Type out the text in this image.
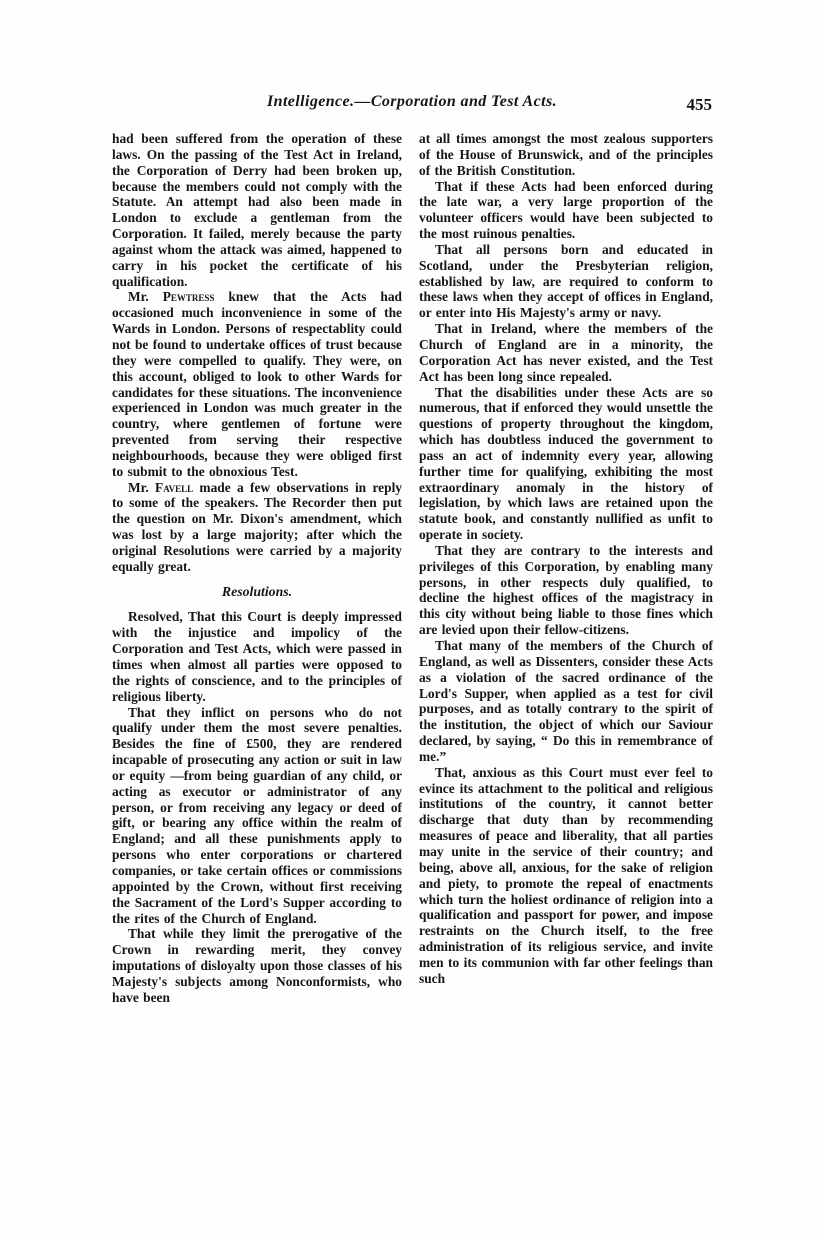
Intelligence.—Corporation and Test Acts.	455

had been suffered from the operation of these laws. On the passing of the Test Act in Ireland, the Corporation of Derry had been broken up, because the members could not comply with the Statute. An attempt had also been made in London to exclude a gentleman from the Corporation. It failed, merely because the party against whom the attack was aimed, happened to carry in his pocket the certificate of his qualification.

Mr. Pewtress knew that the Acts had occasioned much inconvenience in some of the Wards in London. Persons of respectablity could not be found to undertake offices of trust because they were compelled to qualify. They were, on this account, obliged to look to other Wards for candidates for these situations. The inconvenience experienced in London was much greater in the country, where gentlemen of fortune were prevented from serving their respective neighbourhoods, because they were obliged first to submit to the obnoxious Test.

Mr. Favell made a few observations in reply to some of the speakers. The Recorder then put the question on Mr. Dixon's amendment, which was lost by a large majority; after which the original Resolutions were carried by a majority equally great.

Resolutions.

Resolved, That this Court is deeply impressed with the injustice and impolicy of the Corporation and Test Acts, which were passed in times when almost all parties were opposed to the rights of conscience, and to the principles of religious liberty.

That they inflict on persons who do not qualify under them the most severe penalties. Besides the fine of £500, they are rendered incapable of prosecuting any action or suit in law or equity —from being guardian of any child, or acting as executor or administrator of any person, or from receiving any legacy or deed of gift, or bearing any office within the realm of England; and all these punishments apply to persons who enter corporations or chartered companies, or take certain offices or commissions appointed by the Crown, without first receiving the Sacrament of the Lord's Supper according to the rites of the Church of England.

That while they limit the prerogative of the Crown in rewarding merit, they convey imputations of disloyalty upon those classes of his Majesty's subjects among Nonconformists, who have been

at all times amongst the most zealous supporters of the House of Brunswick, and of the principles of the British Constitution.

That if these Acts had been enforced during the late war, a very large proportion of the volunteer officers would have been subjected to the most ruinous penalties.

That all persons born and educated in Scotland, under the Presbyterian religion, established by law, are required to conform to these laws when they accept of offices in England, or enter into His Majesty's army or navy.

That in Ireland, where the members of the Church of England are in a minority, the Corporation Act has never existed, and the Test Act has been long since repealed.

That the disabilities under these Acts are so numerous, that if enforced they would unsettle the questions of property throughout the kingdom, which has doubtless induced the government to pass an act of indemnity every year, allowing further time for qualifying, exhibiting the most extraordinary anomaly in the history of legislation, by which laws are retained upon the statute book, and constantly nullified as unfit to operate in society.

That they are contrary to the interests and privileges of this Corporation, by enabling many persons, in other respects duly qualified, to decline the highest offices of the magistracy in this city without being liable to those fines which are levied upon their fellow-citizens.

That many of the members of the Church of England, as well as Dissenters, consider these Acts as a violation of the sacred ordinance of the Lord's Supper, when applied as a test for civil purposes, and as totally contrary to the spirit of the institution, the object of which our Saviour declared, by saying, “ Do this in remembrance of me.”

That, anxious as this Court must ever feel to evince its attachment to the political and religious institutions of the country, it cannot better discharge that duty than by recommending measures of peace and liberality, that all parties may unite in the service of their country; and being, above all, anxious, for the sake of religion and piety, to promote the repeal of enactments which turn the holiest ordinance of religion into a qualification and passport for power, and impose restraints on the Church itself, to the free administration of its religious service, and invite men to its communion with far other feelings than such
